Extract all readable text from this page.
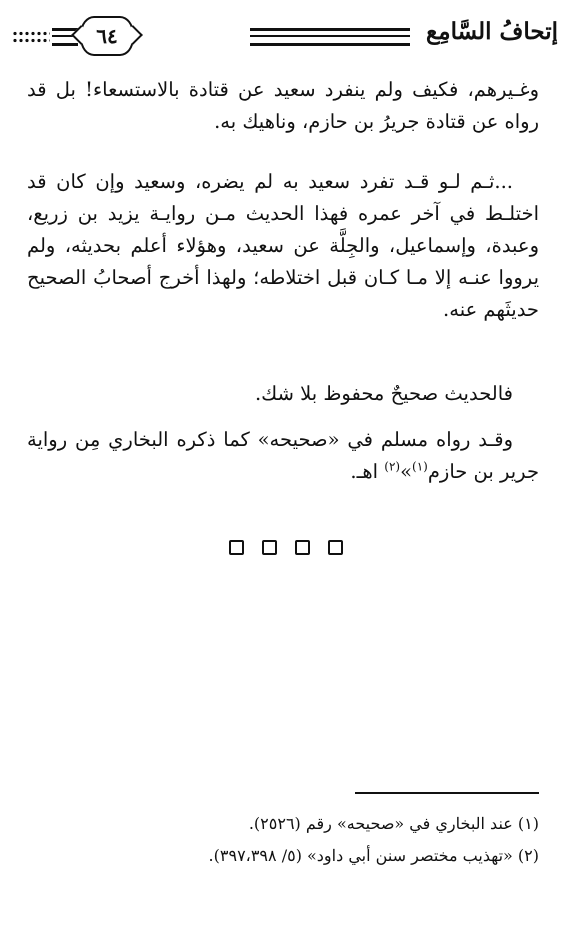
٦٤	إتحافُ السَّامِع

وغـيرهم، فكيف ولم ينفرد سعيد عن قتادة بالاستسعاء! بل قد رواه عن قتادة جريرُ بن حازم، وناهيك به.

...ثـم لـو قـد تفرد سعيد به لم يضره، وسعيد وإن كان قد اختلـط في آخر عمره فهذا الحديث مـن روايـة يزيد بن زريع، وعبدة، وإسماعيل، والجِلَّة عن سعيد، وهؤلاء أعلم بحديثه، ولم يرووا عنـه إلا مـا كـان قبل اختلاطه؛ ولهذا أخرج أصحابُ الصحيح حديثَهم عنه.

فالحديث صحيحٌ محفوظ بلا شك.

وقـد رواه مسلم في «صحيحه» كما ذكره البخاري مِن رواية جرير بن حازم$^{(١)}$»$^{(٢)}$ اهـ.

(١) عند البخاري في «صحيحه» رقم (٢٥٢٦).
(٢) «تهذيب مختصر سنن أبي داود» (٥/ ٣٩٧،٣٩٨).
